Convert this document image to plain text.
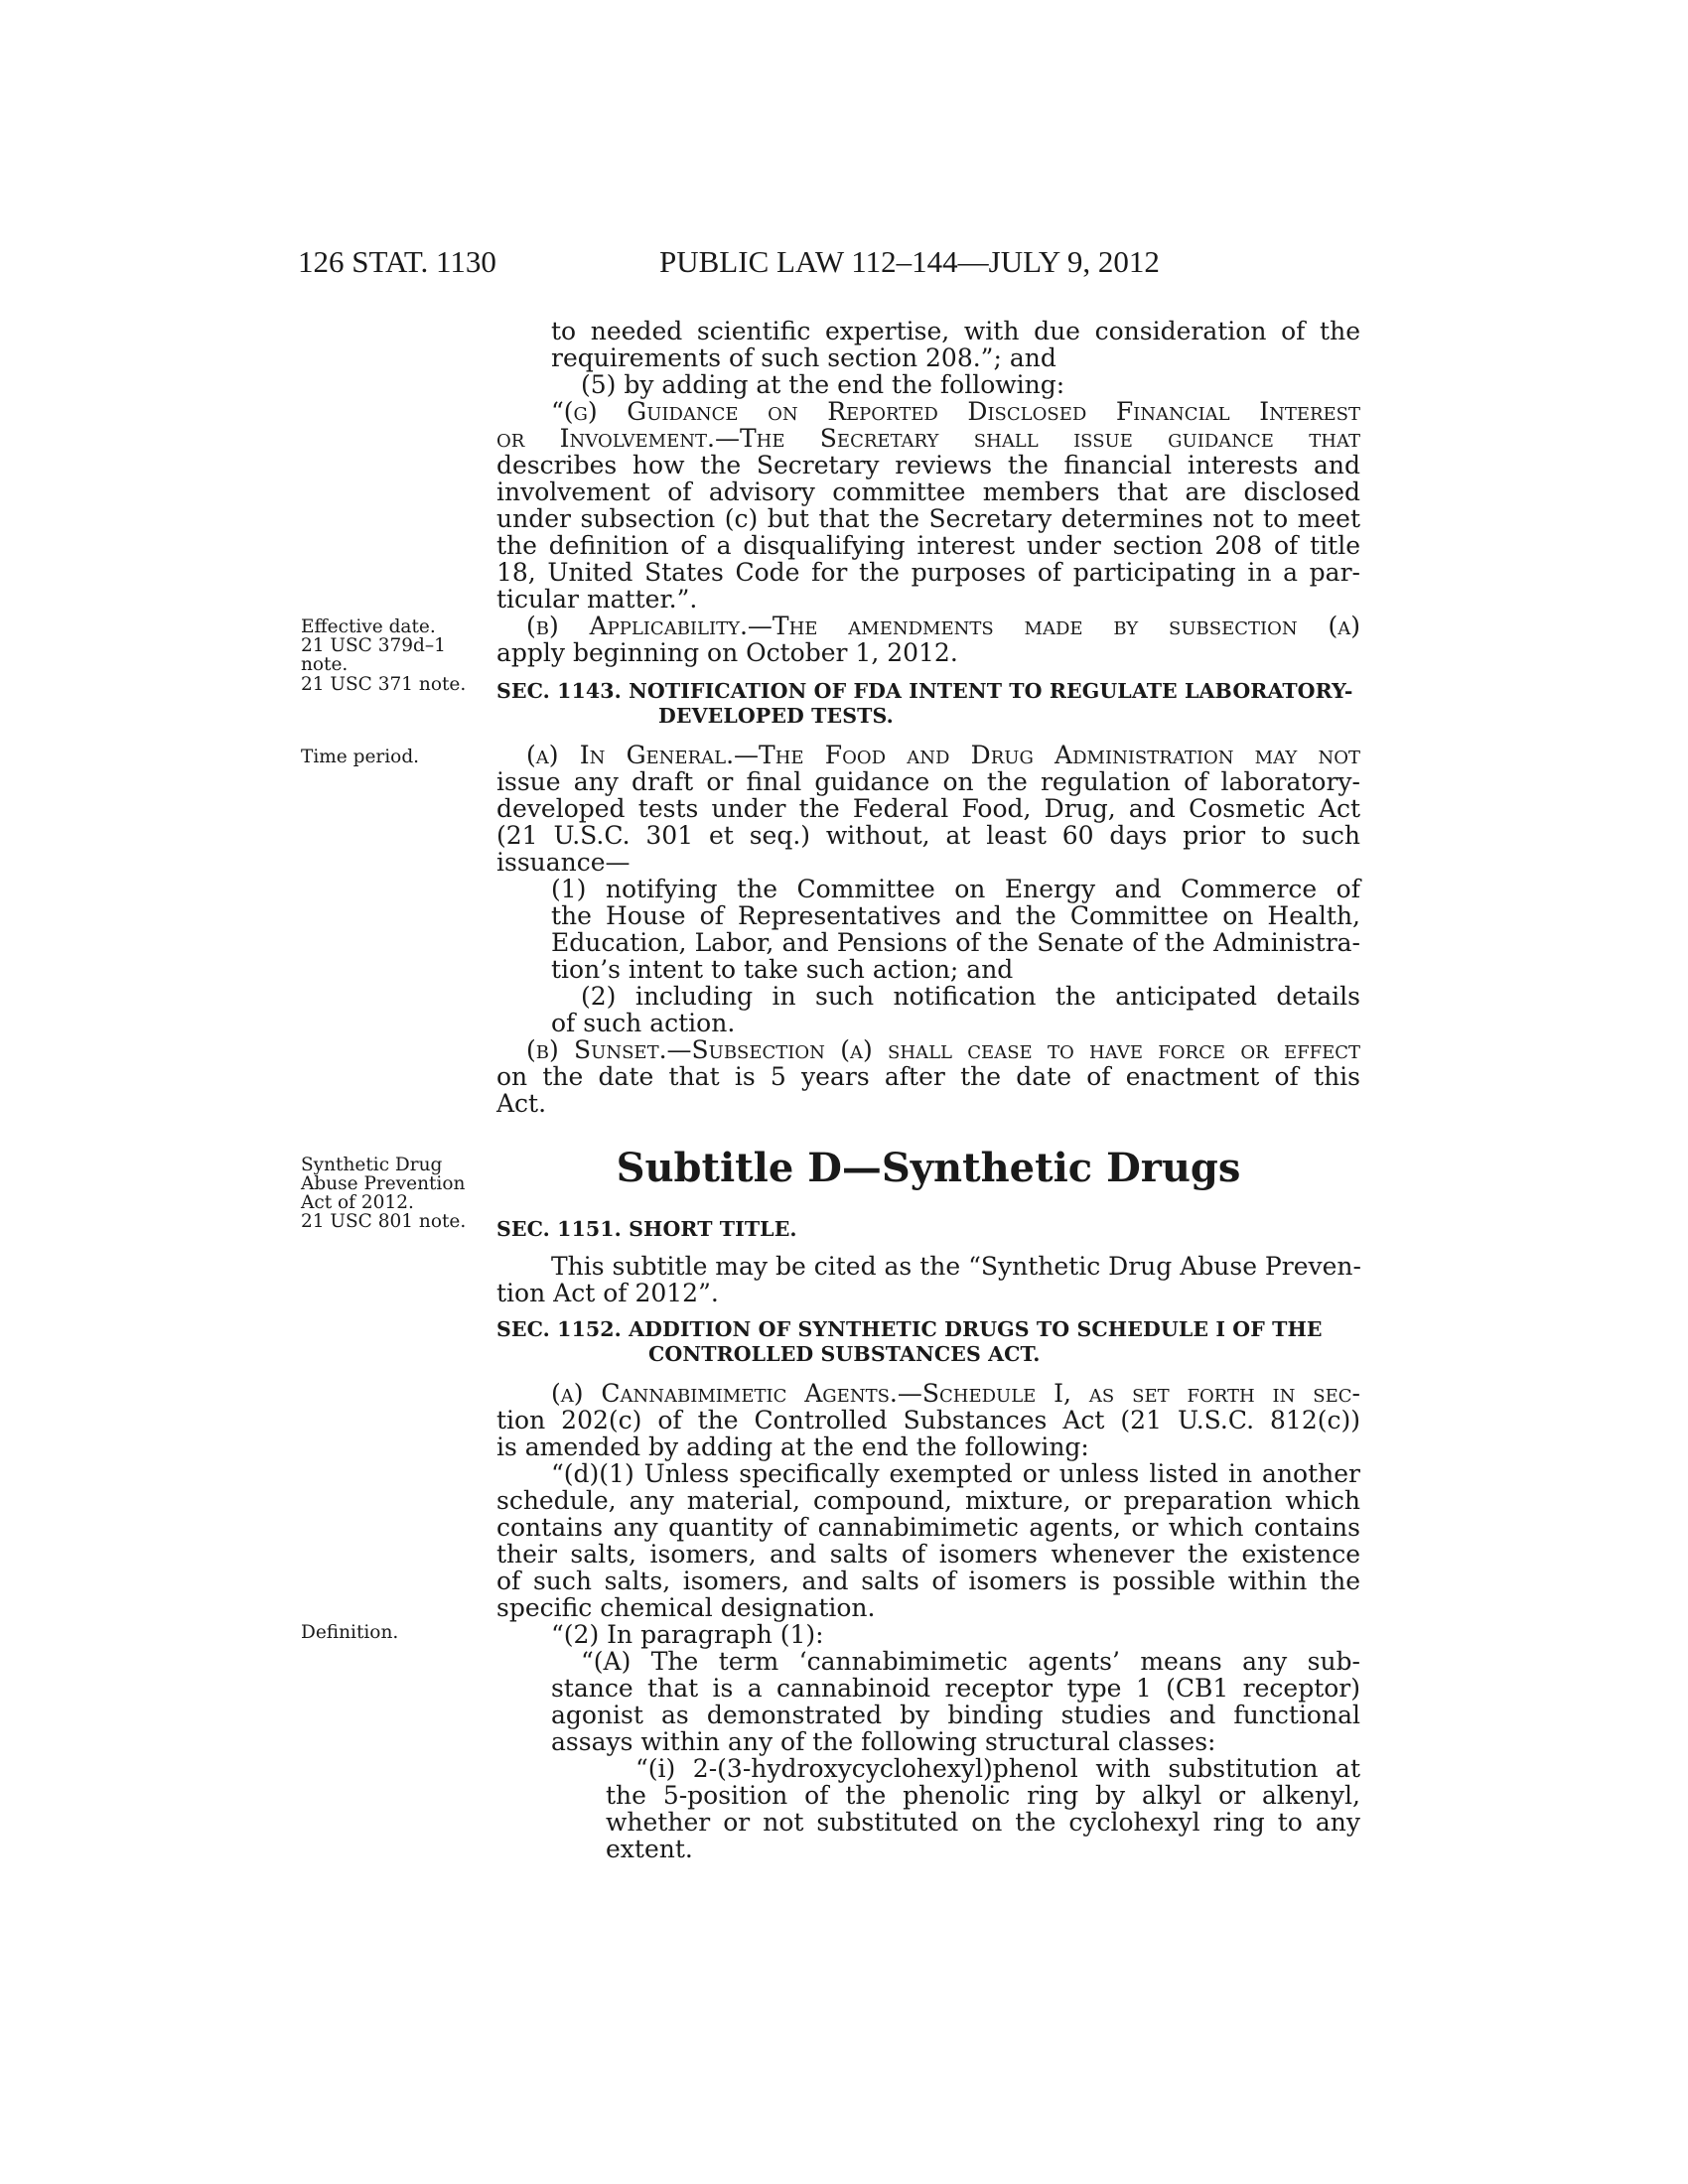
126 STAT. 1130	PUBLIC LAW 112–144—JULY 9, 2012
Effective date.
21 USC 379d–1
note.
21 USC 371 note.
Time period.
Synthetic Drug
Abuse Prevention
Act of 2012.
21 USC 801 note.
Definition.
to needed scientific expertise, with due consideration of the
requirements of such section 208.”; and
(5) by adding at the end the following:
“(g) Guidance on Reported Disclosed Financial Interest
or Involvement.—The Secretary shall issue guidance that
describes how the Secretary reviews the financial interests and
involvement of advisory committee members that are disclosed
under subsection (c) but that the Secretary determines not to meet
the definition of a disqualifying interest under section 208 of title
18, United States Code for the purposes of participating in a par-
ticular matter.”.
(b) Applicability.—The amendments made by subsection (a)
apply beginning on October 1, 2012.
SEC. 1143. NOTIFICATION OF FDA INTENT TO REGULATE LABORATORY-
DEVELOPED TESTS.
(a) In General.—The Food and Drug Administration may not
issue any draft or final guidance on the regulation of laboratory-
developed tests under the Federal Food, Drug, and Cosmetic Act
(21 U.S.C. 301 et seq.) without, at least 60 days prior to such
issuance—
(1) notifying the Committee on Energy and Commerce of
the House of Representatives and the Committee on Health,
Education, Labor, and Pensions of the Senate of the Administra-
tion’s intent to take such action; and
(2) including in such notification the anticipated details
of such action.
(b) Sunset.—Subsection (a) shall cease to have force or effect
on the date that is 5 years after the date of enactment of this
Act.
Subtitle D—Synthetic Drugs
SEC. 1151. SHORT TITLE.
This subtitle may be cited as the “Synthetic Drug Abuse Preven-
tion Act of 2012”.
SEC. 1152. ADDITION OF SYNTHETIC DRUGS TO SCHEDULE I OF THE
CONTROLLED SUBSTANCES ACT.
(a) Cannabimimetic Agents.—Schedule I, as set forth in sec-
tion 202(c) of the Controlled Substances Act (21 U.S.C. 812(c))
is amended by adding at the end the following:
“(d)(1) Unless specifically exempted or unless listed in another
schedule, any material, compound, mixture, or preparation which
contains any quantity of cannabimimetic agents, or which contains
their salts, isomers, and salts of isomers whenever the existence
of such salts, isomers, and salts of isomers is possible within the
specific chemical designation.
“(2) In paragraph (1):
“(A) The term ‘cannabimimetic agents’ means any sub-
stance that is a cannabinoid receptor type 1 (CB1 receptor)
agonist as demonstrated by binding studies and functional
assays within any of the following structural classes:
“(i) 2-(3-hydroxycyclohexyl)phenol with substitution at
the 5-position of the phenolic ring by alkyl or alkenyl,
whether or not substituted on the cyclohexyl ring to any
extent.
